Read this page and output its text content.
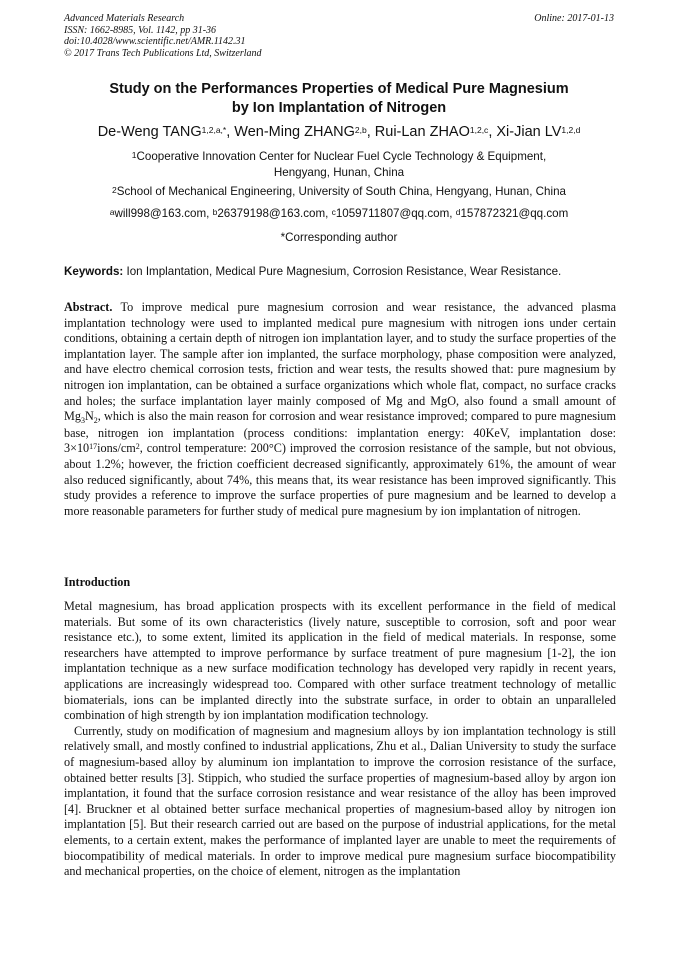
Advanced Materials Research
ISSN: 1662-8985, Vol. 1142, pp 31-36
doi:10.4028/www.scientific.net/AMR.1142.31
© 2017 Trans Tech Publications Ltd, Switzerland
Online: 2017-01-13
Study on the Performances Properties of Medical Pure Magnesium
by Ion Implantation of Nitrogen
De-Weng $TANG^{1,2,a,*}$, Wen-Ming ZHANG$^{2,b}$, Rui-Lan ZHAO$^{1,2,c}$, Xi-Jian LV$^{1,2,d}$
$^1$Cooperative Innovation Center for Nuclear Fuel Cycle Technology & Equipment,
Hengyang, Hunan, China
$^2$School of Mechanical Engineering, University of South China, Hengyang, Hunan, China
$^a$will998@163.com, $^b$26379198@163.com, $^c$1059711807@qq.com, $^d$157872321@qq.com
*Corresponding author
Keywords: Ion Implantation, Medical Pure Magnesium, Corrosion Resistance, Wear Resistance.
Abstract. To improve medical pure magnesium corrosion and wear resistance, the advanced plasma implantation technology were used to implanted medical pure magnesium with nitrogen ions under certain conditions, obtaining a certain depth of nitrogen ion implantation layer, and to study the surface properties of the implantation layer. The sample after ion implanted, the surface morphology, phase composition were analyzed, and have electro chemical corrosion tests, friction and wear tests, the results showed that: pure magnesium by nitrogen ion implantation, can be obtained a surface organizations which whole flat, compact, no surface cracks and holes; the surface implantation layer mainly composed of Mg and MgO, also found a small amount of $Mg_3N_2$, which is also the main reason for corrosion and wear resistance improved; compared to pure magnesium base, nitrogen ion implantation (process conditions: implantation energy: 40KeV, implantation dose: $3\times 10^{17}ions/cm^2$, control temperature: 200°C) improved the corrosion resistance of the sample, but not obvious, about 1.2%; however, the friction coefficient decreased significantly, approximately 61%, the amount of wear also reduced significantly, about 74%, this means that, its wear resistance has been improved significantly. This study provides a reference to improve the surface properties of pure magnesium and be learned to develop a more reasonable parameters for further study of medical pure magnesium by ion implantation of nitrogen.
Introduction

Metal magnesium, has broad application prospects with its excellent performance in the field of medical materials. But some of its own characteristics (lively nature, susceptible to corrosion, soft and poor wear resistance etc.), to some extent, limited its application in the field of medical materials. In response, some researchers have attempted to improve performance by surface treatment of pure magnesium [1-2], the ion implantation technique as a new surface modification technology has developed very rapidly in recent years, applications are increasingly widespread too. Compared with other surface treatment technology of metallic biomaterials, ions can be implanted directly into the substrate surface, in order to obtain an unparalleled combination of high strength by ion implantation modification technology.

Currently, study on modification of magnesium and magnesium alloys by ion implantation technology is still relatively small, and mostly confined to industrial applications, Zhu et al., Dalian University to study the surface of magnesium-based alloy by aluminum ion implantation to improve the corrosion resistance of the surface, obtained better results [3]. Stippich, who studied the surface properties of magnesium-based alloy by argon ion implantation, it found that the surface corrosion resistance and wear resistance of the alloy has been improved [4]. Bruckner et al obtained better surface mechanical properties of magnesium-based alloy by nitrogen ion implantation [5]. But their research carried out are based on the purpose of industrial applications, for the metal elements, to a certain extent, makes the performance of implanted layer are unable to meet the requirements of biocompatibility of medical materials. In order to improve medical pure magnesium surface biocompatibility and mechanical properties, on the choice of element, nitrogen as the implantation
